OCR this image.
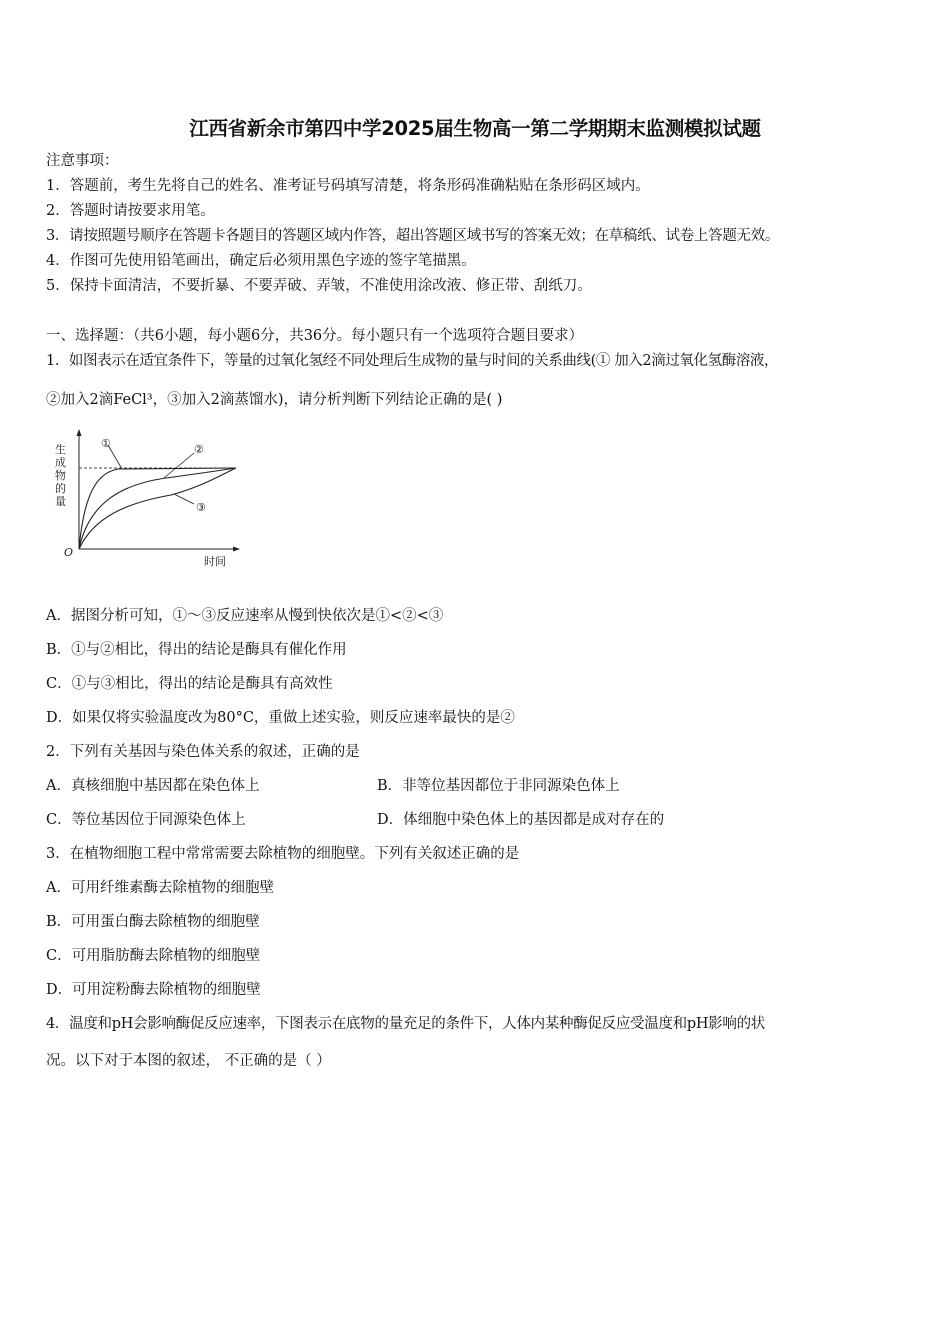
江西省新余市第四中学2025届生物高一第二学期期末监测模拟试题
注意事项：
1．答题前，考生先将自己的姓名、准考证号码填写清楚，将条形码准确粘贴在条形码区域内。
2．答题时请按要求用笔。
3．请按照题号顺序在答题卡各题目的答题区域内作答，超出答题区域书写的答案无效；在草稿纸、试卷上答题无效。
4．作图可先使用铅笔画出，确定后必须用黑色字迹的签字笔描黑。
5．保持卡面清洁，不要折暴、不要弄破、弄皱，不准使用涂改液、修正带、刮纸刀。
一、选择题：（共6小题，每小题6分，共36分。每小题只有一个选项符合题目要求）
1．如图表示在适宜条件下，等量的过氧化氢经不同处理后生成物的量与时间的关系曲线(① 加入2滴过氧化氢酶溶液，
②加入2滴FeCl³，③加入2滴蒸馏水)，请分析判断下列结论正确的是( )
①	②
③
生
成
物
的
量
O
时间
A．据图分析可知，①～③反应速率从慢到快依次是①<②<③
B．①与②相比，得出的结论是酶具有催化作用
C．①与③相比，得出的结论是酶具有高效性
D．如果仅将实验温度改为80°C，重做上述实验，则反应速率最快的是②
2．下列有关基因与染色体关系的叙述，正确的是
A．真核细胞中基因都在染色体上	B．非等位基因都位于非同源染色体上
C．等位基因位于同源染色体上	D．体细胞中染色体上的基因都是成对存在的
3．在植物细胞工程中常常需要去除植物的细胞壁。下列有关叙述正确的是
A．可用纤维素酶去除植物的细胞壁
B．可用蛋白酶去除植物的细胞壁
C．可用脂肪酶去除植物的细胞壁
D．可用淀粉酶去除植物的细胞壁
4．温度和pH会影响酶促反应速率，下图表示在底物的量充足的条件下，人体内某种酶促反应受温度和pH影响的状
况。以下对于本图的叙述， 不正确的是（ ）
